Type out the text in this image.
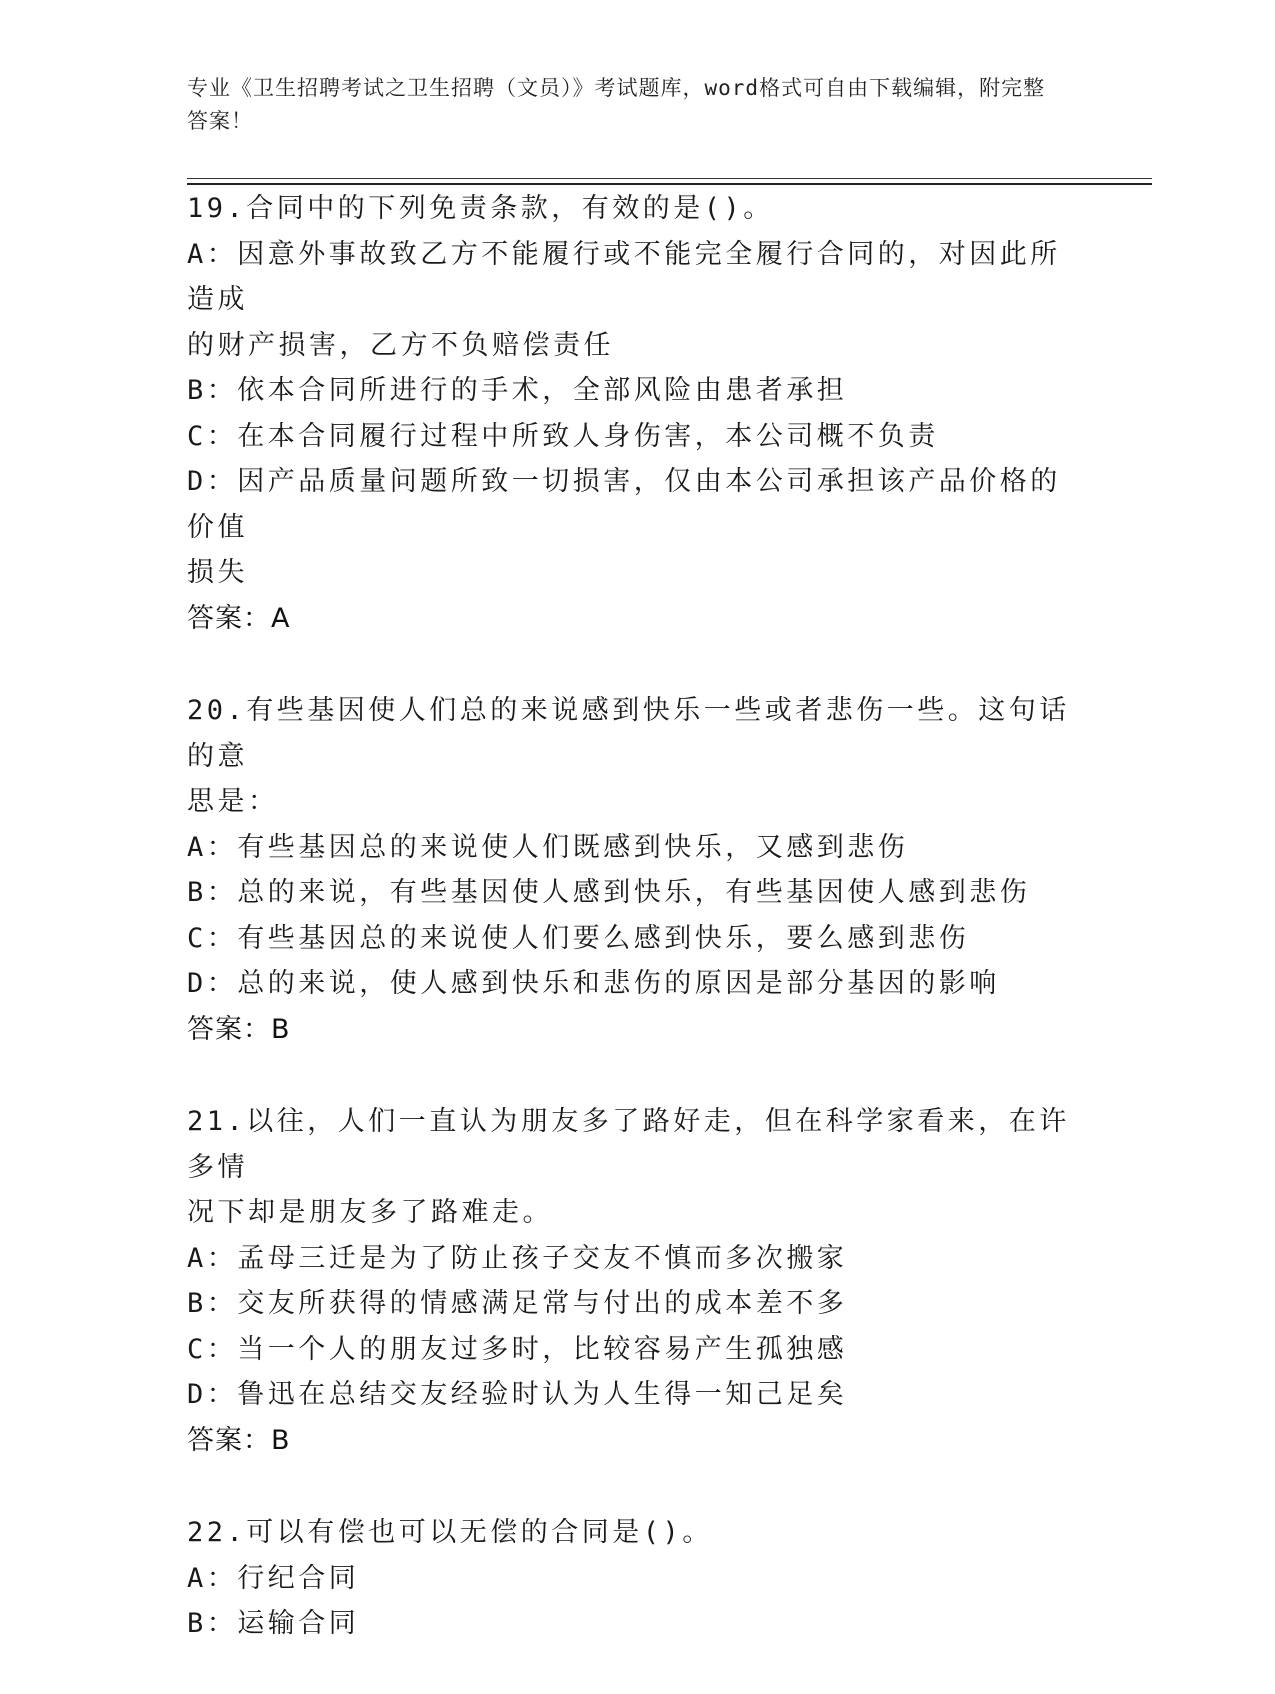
专业《卫生招聘考试之卫生招聘（文员）》考试题库，word格式可自由下载编辑，附完整答案！
19.合同中的下列免责条款，有效的是()。
A：因意外事故致乙方不能履行或不能完全履行合同的，对因此所造成
的财产损害，乙方不负赔偿责任
B：依本合同所进行的手术，全部风险由患者承担
C：在本合同履行过程中所致人身伤害，本公司概不负责
D：因产品质量问题所致一切损害，仅由本公司承担该产品价格的价值
损失
答案：A
20.有些基因使人们总的来说感到快乐一些或者悲伤一些。这句话的意
思是：
A：有些基因总的来说使人们既感到快乐，又感到悲伤
B：总的来说，有些基因使人感到快乐，有些基因使人感到悲伤
C：有些基因总的来说使人们要么感到快乐，要么感到悲伤
D：总的来说，使人感到快乐和悲伤的原因是部分基因的影响
答案：B
21.以往，人们一直认为朋友多了路好走，但在科学家看来，在许多情
况下却是朋友多了路难走。
A：孟母三迁是为了防止孩子交友不慎而多次搬家
B：交友所获得的情感满足常与付出的成本差不多
C：当一个人的朋友过多时，比较容易产生孤独感
D：鲁迅在总结交友经验时认为人生得一知己足矣
答案：B
22.可以有偿也可以无偿的合同是()。
A：行纪合同
B：运输合同
